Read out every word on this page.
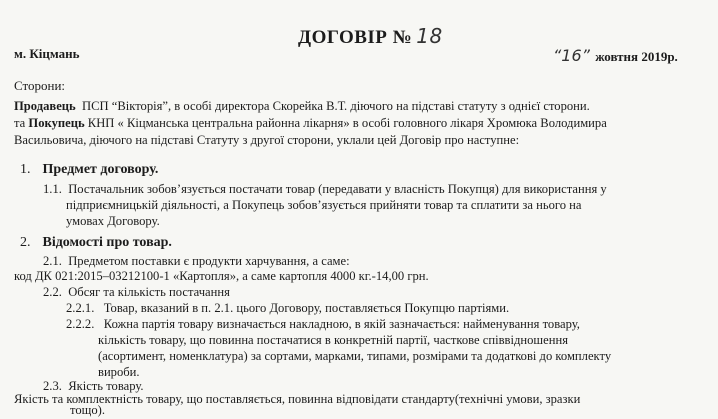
ДОГОВІР № 18
м. Кіцмань	“16” жовтня 2019р.
Сторони:
Продавець ПСП “Вікторія”, в особі директора Скорейка В.Т. діючого на підставі статуту з однієї сторони.
та Покупець КНП « Кіцманська центральна районна лікарня» в особі головного лікаря Хромюка Володимира
Васильовича, діючого на підставі Статуту з другої сторони, уклали цей Договір про наступне:
1. Предмет договору.
1.1. Постачальник зобов’язується постачати товар (передавати у власність Покупця) для використання у
підприємницькій діяльності, а Покупець зобов’язується прийняти товар та сплатити за нього на
умовах Договору.
2. Відомості про товар.
2.1. Предметом поставки є продукти харчування, а саме:
код ДК 021:2015–03212100-1 «Картопля», а саме картопля 4000 кг.-14,00 грн.
2.2. Обсяг та кількість постачання
2.2.1. Товар, вказаний в п. 2.1. цього Договору, поставляється Покупцю партіями.
2.2.2. Кожна партія товару визначається накладною, в якій зазначається: найменування товару,
кількість товару, що повинна постачатися в конкретній партії, часткове співвідношення
(асортимент, номенклатура) за сортами, марками, типами, розмірами та додатковi до комплекту
вироби.
2.3. Якість товару.
Якість та комплектність товару, що поставляється, повинна відповідати стандарту(технічні умови, зразки
тощо).
